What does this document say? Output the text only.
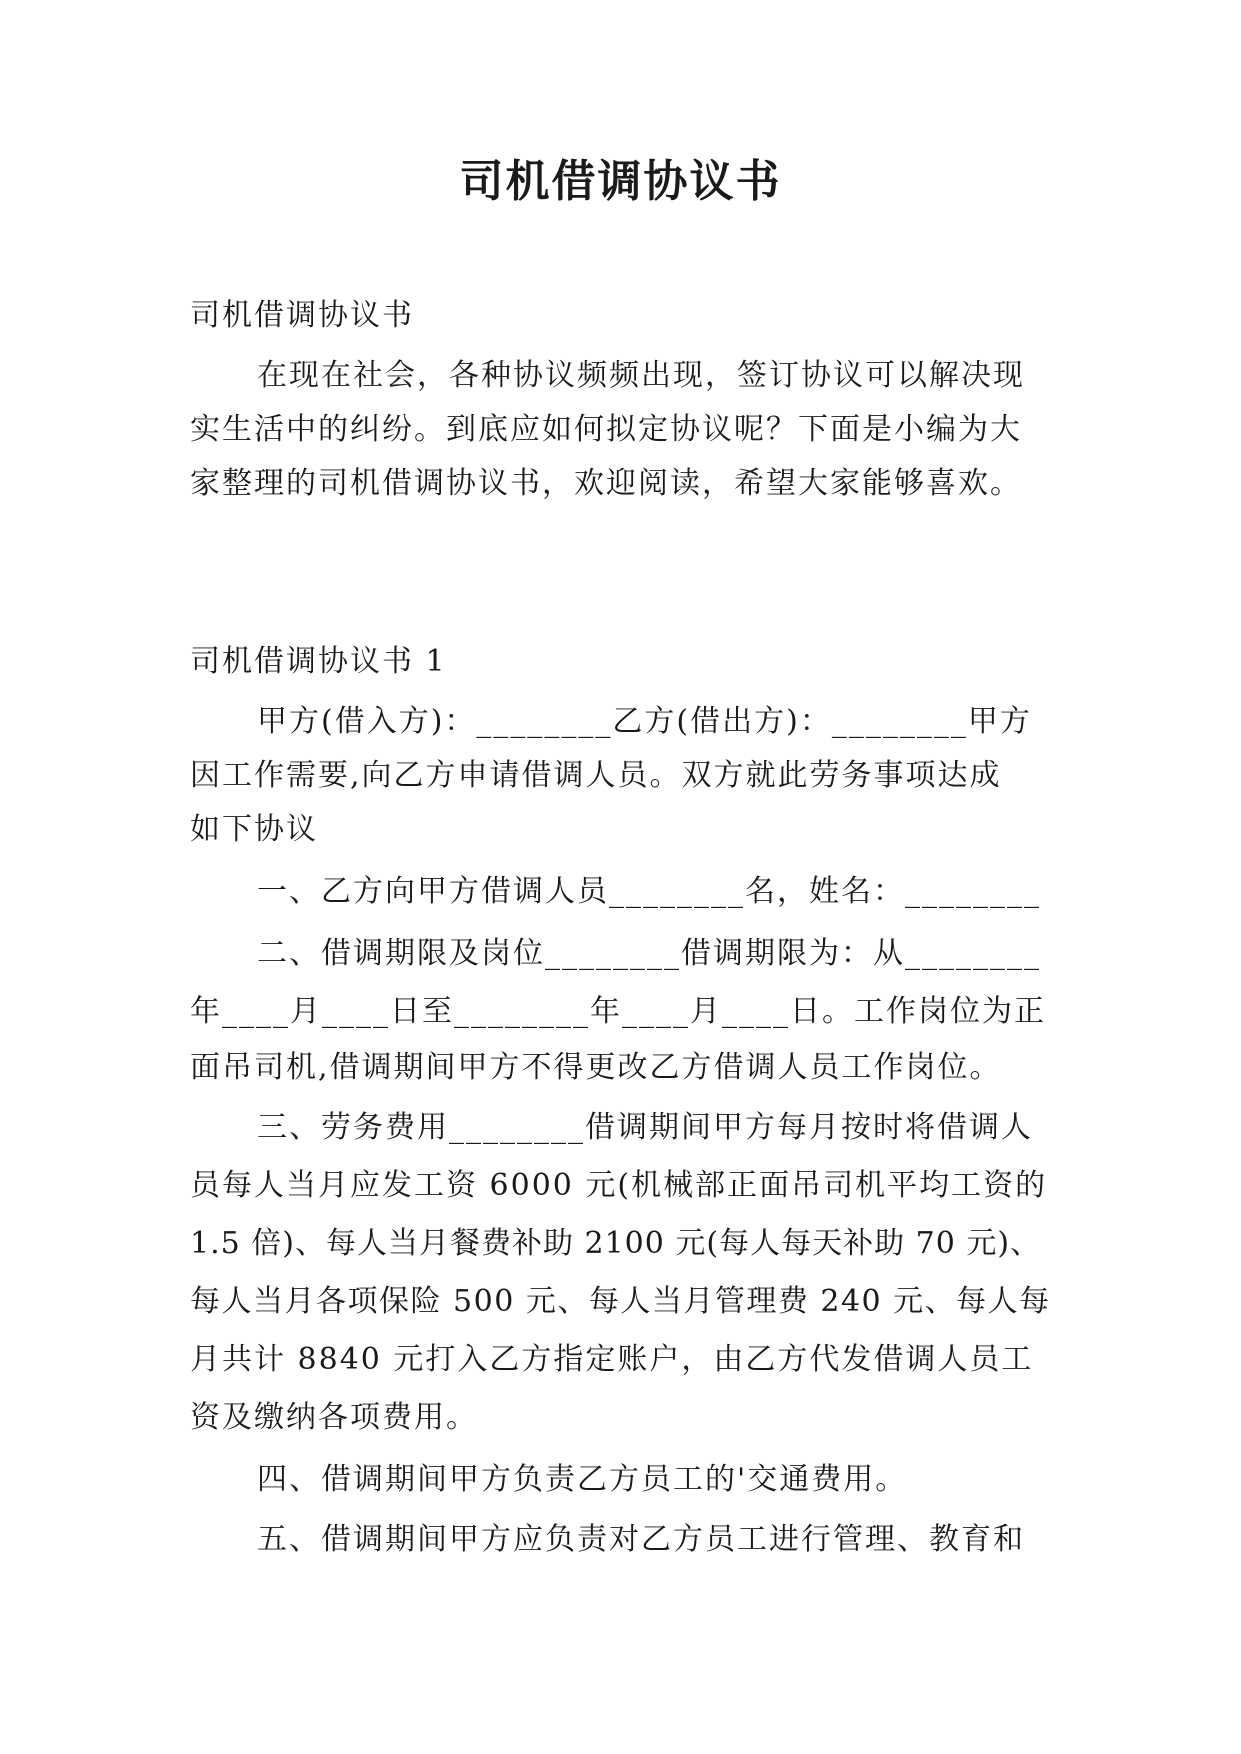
司机借调协议书
司机借调协议书
在现在社会，各种协议频频出现，签订协议可以解决现
实生活中的纠纷。到底应如何拟定协议呢？下面是小编为大
家整理的司机借调协议书，欢迎阅读，希望大家能够喜欢。
司机借调协议书 1
甲方(借入方)：________乙方(借出方)：________甲方
因工作需要,向乙方申请借调人员。双方就此劳务事项达成
如下协议
一、乙方向甲方借调人员________名，姓名：________
二、借调期限及岗位________借调期限为：从________
年____月____日至________年____月____日。工作岗位为正
面吊司机,借调期间甲方不得更改乙方借调人员工作岗位。
三、劳务费用________借调期间甲方每月按时将借调人
员每人当月应发工资 6000 元(机械部正面吊司机平均工资的
1.5 倍)、每人当月餐费补助 2100 元(每人每天补助 70 元)、
每人当月各项保险 500 元、每人当月管理费 240 元、每人每
月共计 8840 元打入乙方指定账户，由乙方代发借调人员工
资及缴纳各项费用。
四、借调期间甲方负责乙方员工的'交通费用。
五、借调期间甲方应负责对乙方员工进行管理、教育和
